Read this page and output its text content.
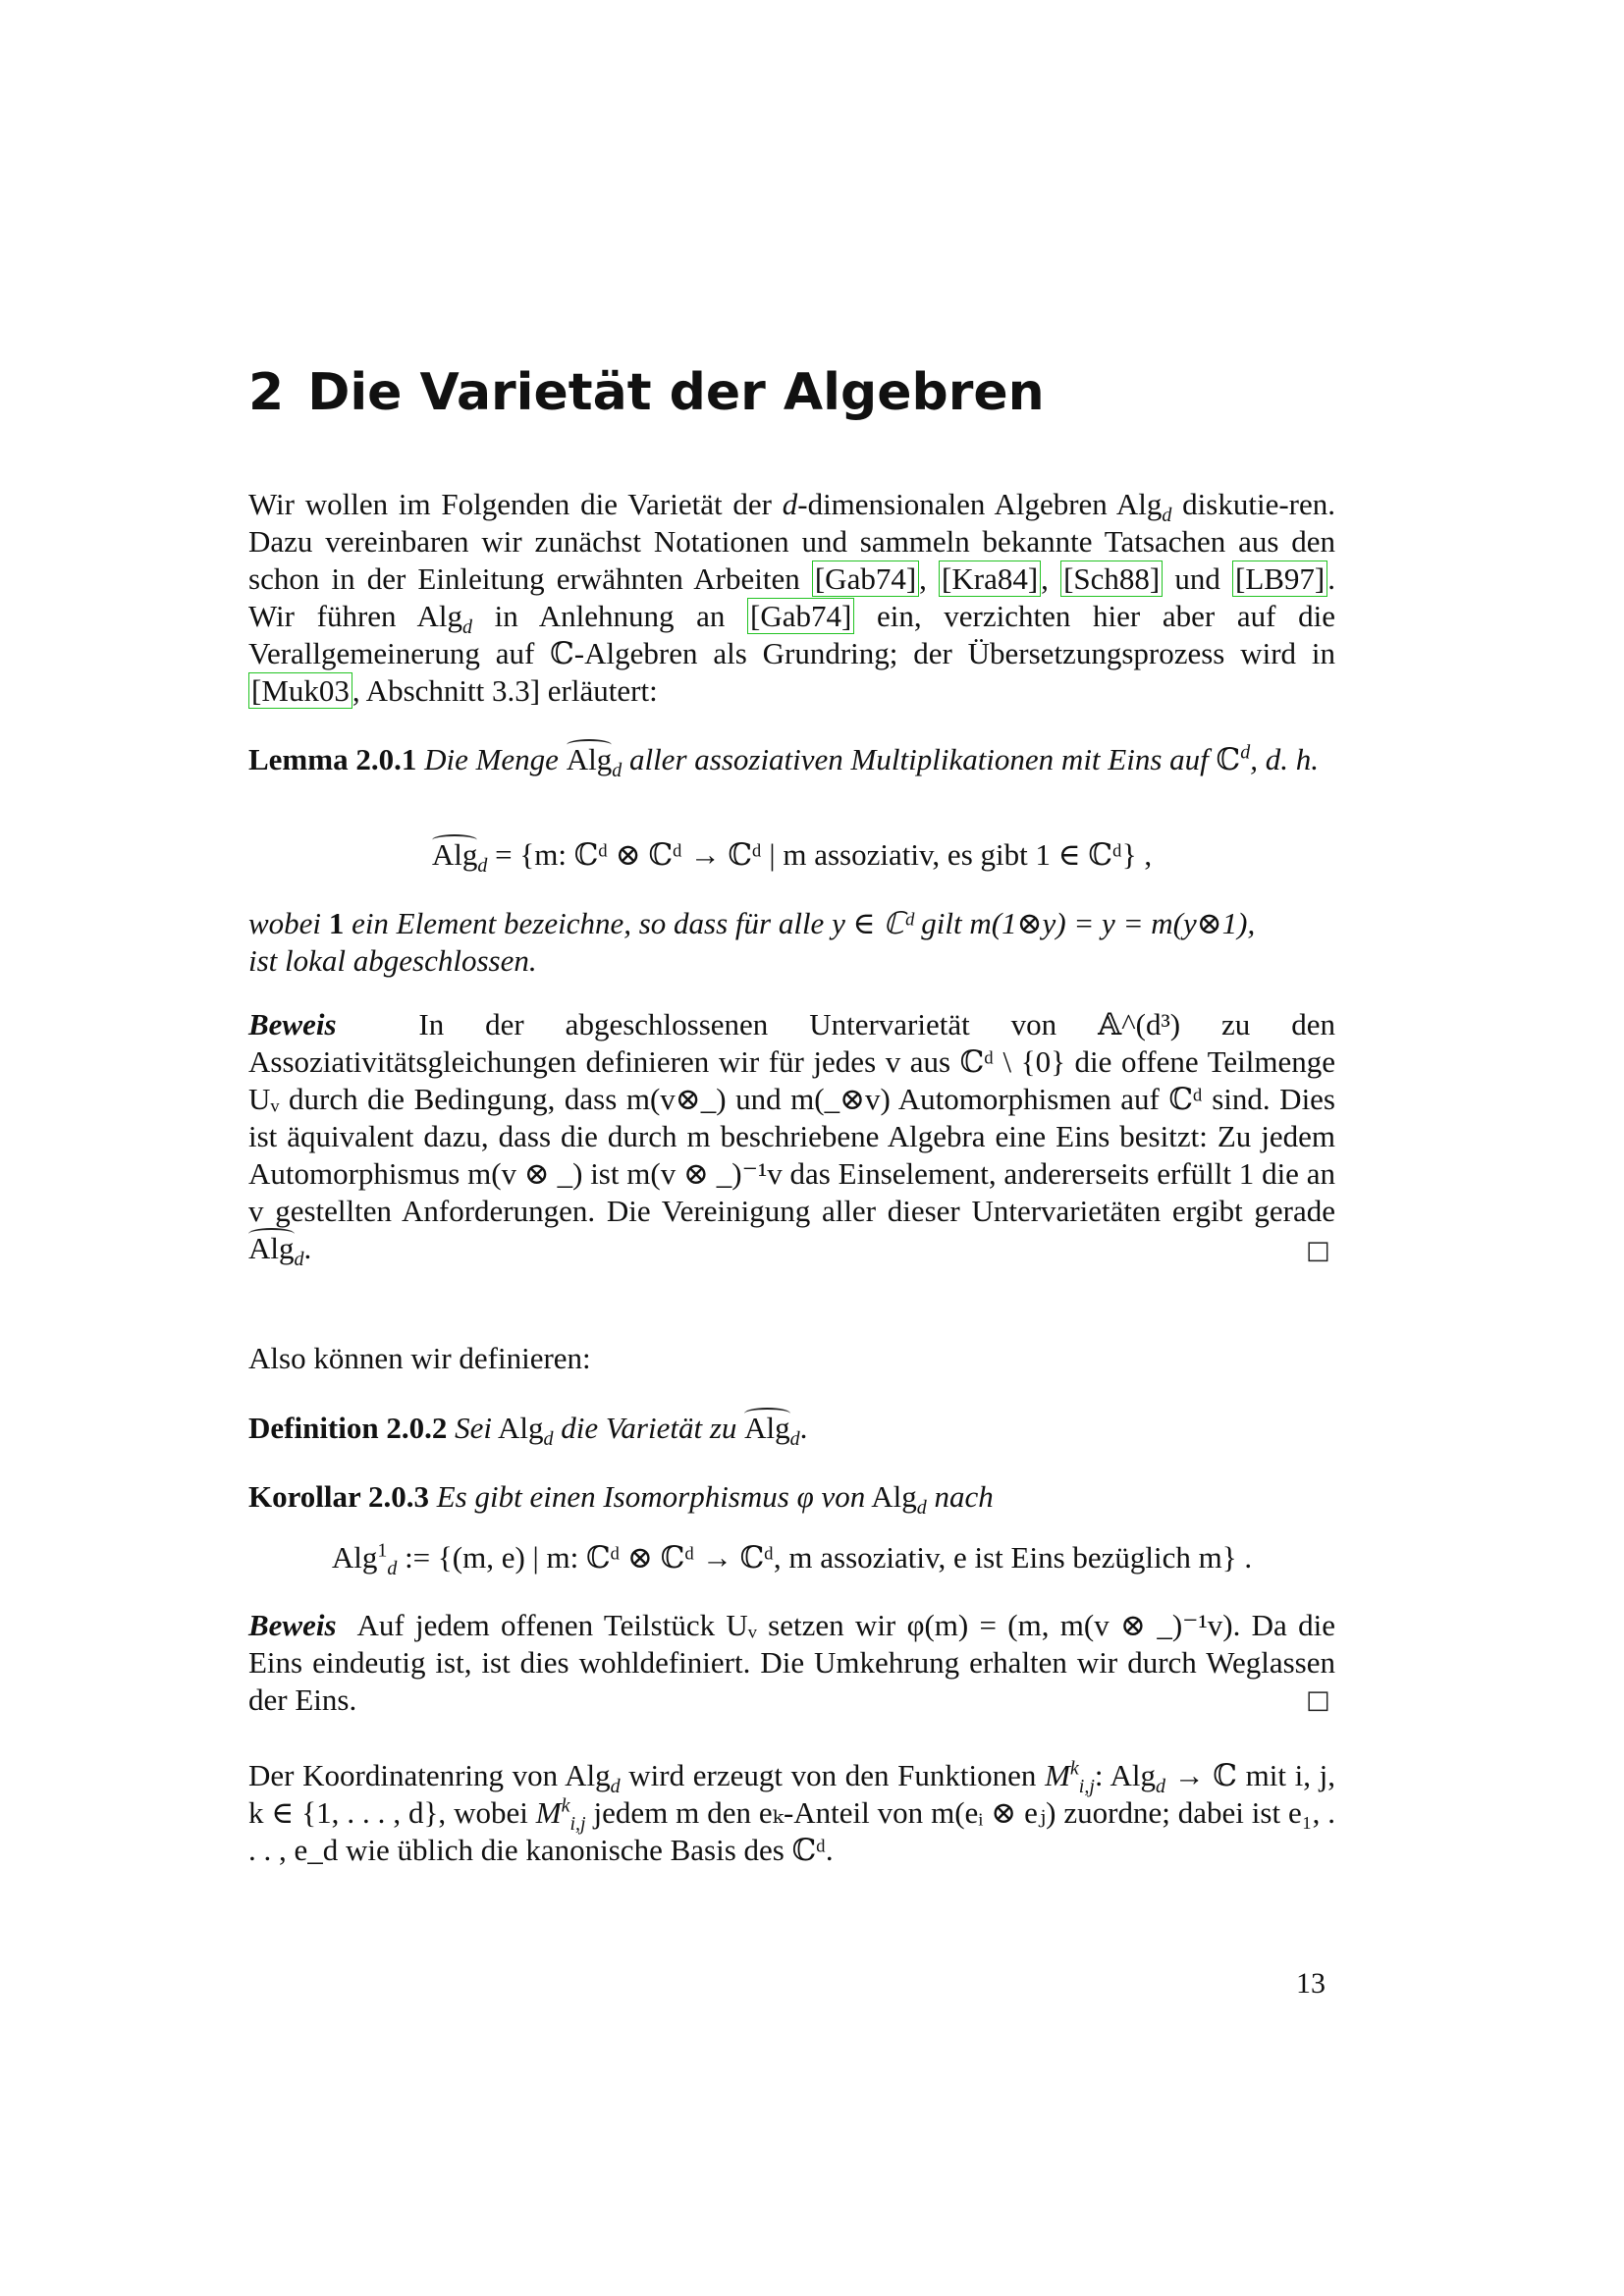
2 Die Varietät der Algebren
Wir wollen im Folgenden die Varietät der d-dimensionalen Algebren Alg$_d$ diskutie-ren. Dazu vereinbaren wir zunächst Notationen und sammeln bekannte Tatsachen aus den schon in der Einleitung erwähnten Arbeiten [Gab74], [Kra84], [Sch88] und [LB97]. Wir führen Alg$_d$ in Anlehnung an [Gab74] ein, verzichten hier aber auf die Verallgemeinerung auf ℂ-Algebren als Grundring; der Übersetzungsprozess wird in [Muk03, Abschnitt 3.3] erläutert:
Lemma 2.0.1 Die Menge Alg$_d$ aller assoziativen Multiplikationen mit Eins auf ℂ$^d$, d. h.
Alg$_d$ = {m: ℂᵈ ⊗ ℂᵈ → ℂᵈ | m assoziativ, es gibt 1 ∈ ℂᵈ} ,
wobei 1 ein Element bezeichne, so dass für alle y ∈ ℂᵈ gilt m(1⊗y) = y = m(y⊗1),
ist lokal abgeschlossen.
Beweis	In der abgeschlossenen Untervarietät von 𝔸^(d³) zu den Assoziativitätsgleichungen definieren wir für jedes v aus ℂᵈ \ {0} die offene Teilmenge Uᵥ durch die Bedingung, dass m(v⊗_) und m(_⊗v) Automorphismen auf ℂᵈ sind. Dies ist äquivalent dazu, dass die durch m beschriebene Algebra eine Eins besitzt: Zu jedem Automorphismus m(v ⊗ _) ist m(v ⊗ _)⁻¹v das Einselement, andererseits erfüllt 1 die an v gestellten Anforderungen. Die Vereinigung aller dieser Untervarietäten ergibt gerade Alg$_d$.	□
Also können wir definieren:
Definition 2.0.2 Sei Alg$_d$ die Varietät zu Alg$_d$.
Korollar 2.0.3 Es gibt einen Isomorphismus φ von Alg$_d$ nach
Alg$^1_d$ := {(m, e) | m: ℂᵈ ⊗ ℂᵈ → ℂᵈ, m assoziativ, e ist Eins bezüglich m} .
Beweis Auf jedem offenen Teilstück Uᵥ setzen wir φ(m) = (m, m(v ⊗ _)⁻¹v). Da die Eins eindeutig ist, ist dies wohldefiniert. Die Umkehrung erhalten wir durch Weglassen der Eins.	□
Der Koordinatenring von Alg$_d$ wird erzeugt von den Funktionen $M^k_{i,j}$: Alg$_d$ → ℂ mit i, j, k ∈ {1, . . . , d}, wobei $M^k_{i,j}$ jedem m den eₖ-Anteil von m(eᵢ ⊗ eⱼ) zuordne; dabei ist e₁, . . . , e_d wie üblich die kanonische Basis des ℂᵈ.
13
